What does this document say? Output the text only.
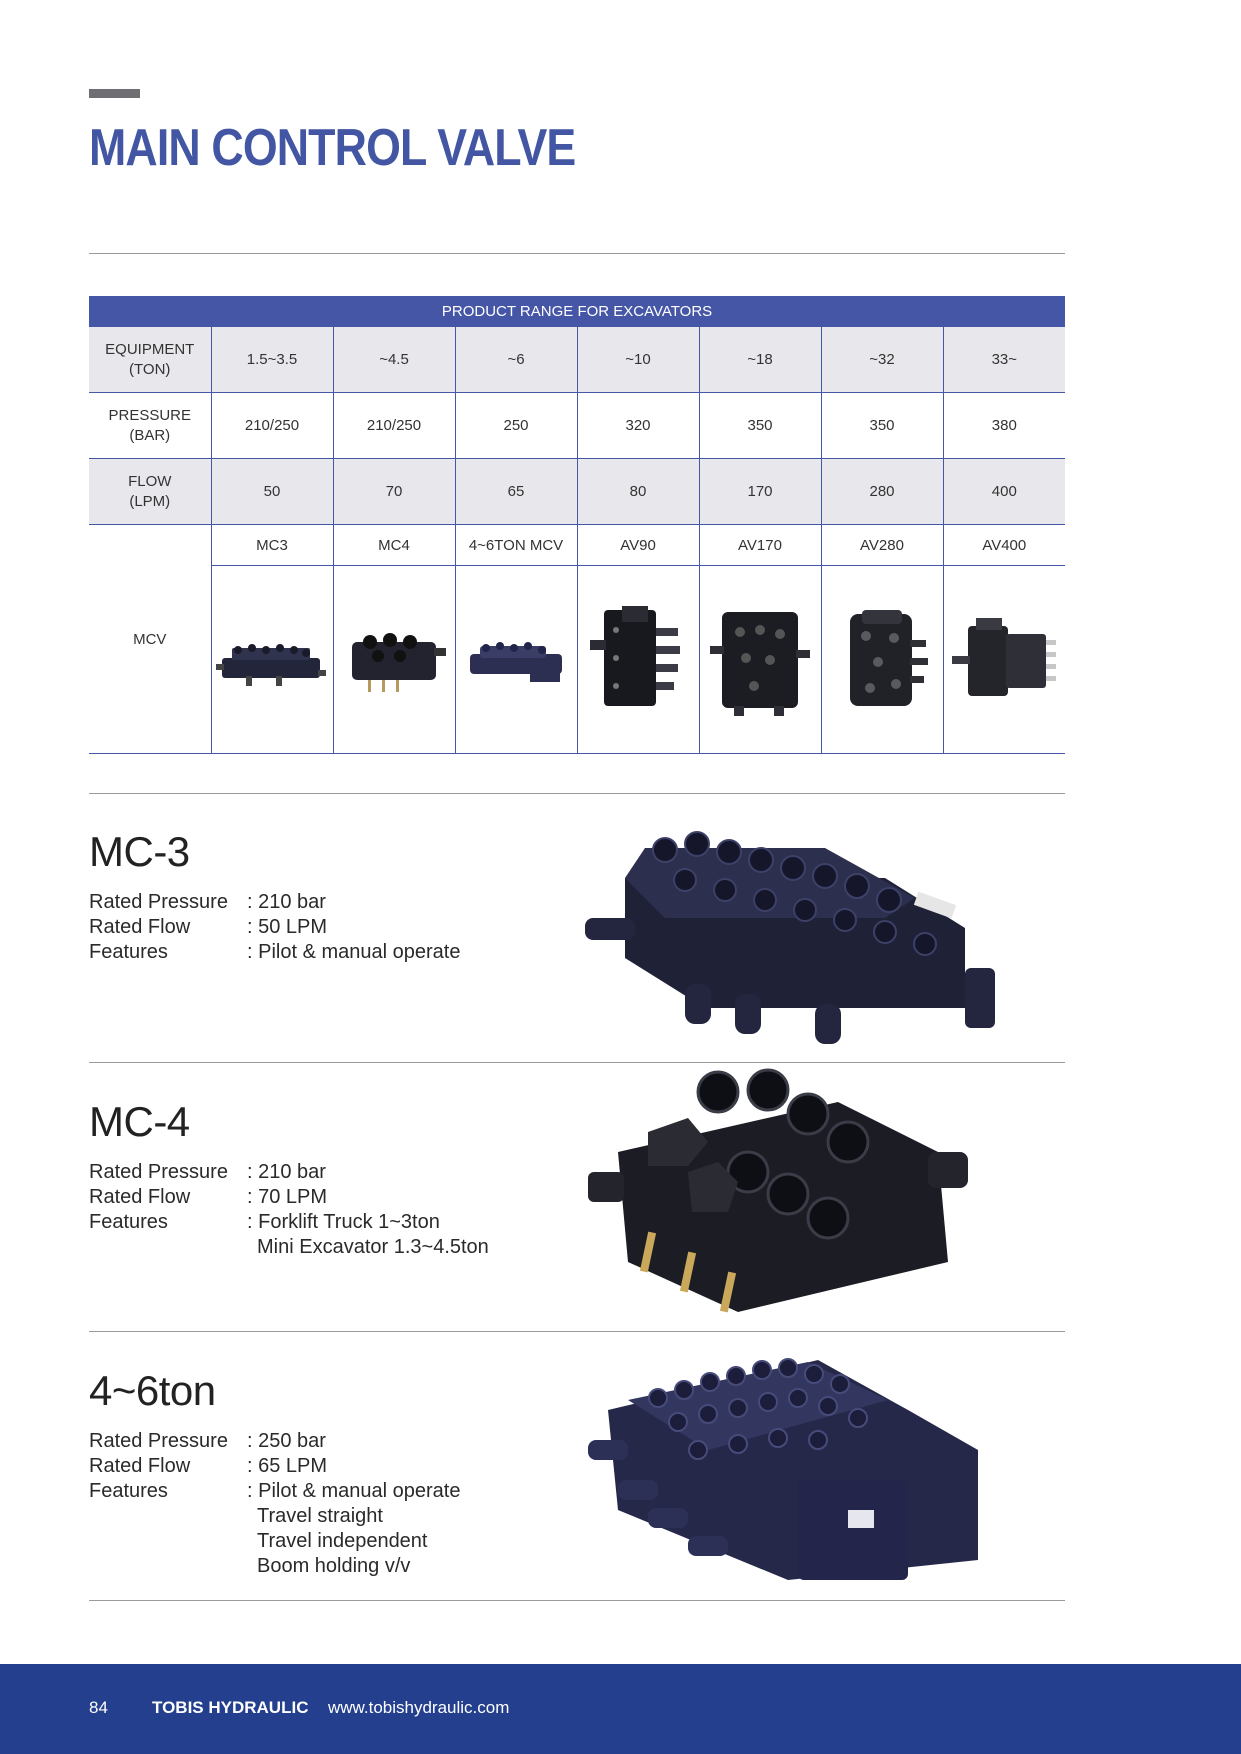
MAIN CONTROL VALVE
PRODUCT RANGE FOR EXCAVATORS							
EQUIPMENT
(TON)	1.5~3.5	~4.5	~6	~10	~18	~32	33~
PRESSURE
(BAR)	210/250	210/250	250	320	350	350	380
FLOW
(LPM)	50	70	65	80	170	280	400
MCV	MC3	MC4	4~6TON MCV	AV90	AV170	AV280	AV400

MC-3
Rated Pressure : 210 bar
Rated Flow	: 50 LPM
Features	: Pilot & manual operate
MC-4
Rated Pressure : 210 bar
Rated Flow	: 70 LPM
Features	: Forklift Truck 1~3ton
Mini Excavator 1.3~4.5ton
4~6ton
Rated Pressure : 250 bar
Rated Flow	: 65 LPM
Features	: Pilot & manual operate
Travel straight
Travel independent
Boom holding v/v
84	TOBIS HYDRAULIC www.tobishydraulic.com
